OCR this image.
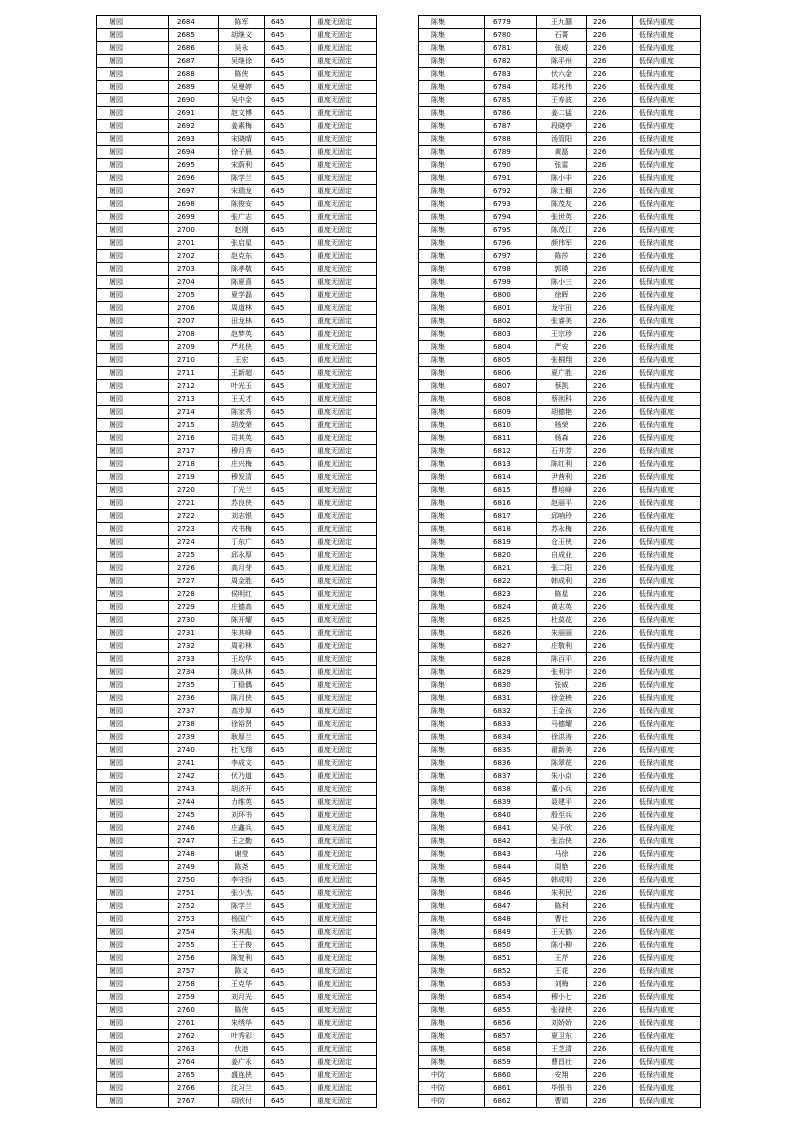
屠园	2684	陈军	645	重度无固定
屠园	2685	胡继义	645	重度无固定
屠园	2686	吴永	645	重度无固定
屠园	2687	吴继徐	645	重度无固定
屠园	2688	陈侠	645	重度无固定
屠园	2689	吴曼婷	645	重度无固定
屠园	2690	吴中金	645	重度无固定
屠园	2691	赵文博	645	重度无固定
屠园	2692	姜素梅	645	重度无固定
屠园	2693	宋晓晴	645	重度无固定
屠园	2694	徐子晨	645	重度无固定
屠园	2695	宋蔚利	645	重度无固定
屠园	2696	陈学兰	645	重度无固定
屠园	2697	宋瑞龙	645	重度无固定
屠园	2698	陈俊安	645	重度无固定
屠园	2699	张广志	645	重度无固定
屠园	2700	赵刚	645	重度无固定
屠园	2701	张启星	645	重度无固定
屠园	2702	赵克东	645	重度无固定
屠园	2703	陈孝敬	645	重度无固定
屠园	2704	陈夏喜	645	重度无固定
屠园	2705	夏学磊	645	重度无固定
屠园	2706	周道林	645	重度无固定
屠园	2707	田龙林	645	重度无固定
屠园	2708	赵梦英	645	重度无固定
屠园	2709	严兆侠	645	重度无固定
屠园	2710	王宏	645	重度无固定
屠园	2711	王新超	645	重度无固定
屠园	2712	叶光玉	645	重度无固定
屠园	2713	王天才	645	重度无固定
屠园	2714	陈家秀	645	重度无固定
屠园	2715	胡茂荣	645	重度无固定
屠园	2716	司其英	645	重度无固定
屠园	2717	穆月秀	645	重度无固定
屠园	2718	庄兴梅	645	重度无固定
屠园	2719	穆发清	645	重度无固定
屠园	2720	丁光兰	645	重度无固定
屠园	2721	苏良侠	645	重度无固定
屠园	2722	刘志银	645	重度无固定
屠园	2723	戎书梅	645	重度无固定
屠园	2724	丁东广	645	重度无固定
屠园	2725	邱永厚	645	重度无固定
屠园	2726	高月芽	645	重度无固定
屠园	2727	周金胜	645	重度无固定
屠园	2728	侯明红	645	重度无固定
屠园	2729	庄德高	645	重度无固定
屠园	2730	陈开耀	645	重度无固定
屠园	2731	朱其峰	645	重度无固定
屠园	2732	周彩林	645	重度无固定
屠园	2733	王均华	645	重度无固定
屠园	2734	陈从林	645	重度无固定
屠园	2735	丁稳偶	645	重度无固定
屠园	2736	陈月侠	645	重度无固定
屠园	2737	高步厚	645	重度无固定
屠园	2738	徐裕贤	645	重度无固定
屠园	2739	耿厚兰	645	重度无固定
屠园	2740	杜飞翔	645	重度无固定
屠园	2741	李成文	645	重度无固定
屠园	2742	伏乃道	645	重度无固定
屠园	2743	胡济开	645	重度无固定
屠园	2744	力维英	645	重度无固定
屠园	2745	刘环书	645	重度无固定
屠园	2746	庄鑫兵	645	重度无固定
屠园	2747	王之勤	645	重度无固定
屠园	2748	谢莹	645	重度无固定
屠园	2749	陈尧	645	重度无固定
屠园	2750	李守纷	645	重度无固定
屠园	2751	张少杰	645	重度无固定
屠园	2752	陈学兰	645	重度无固定
屠园	2753	杨国广	645	重度无固定
屠园	2754	朱其彪	645	重度无固定
屠园	2755	王子俊	645	重度无固定
屠园	2756	陈复利	645	重度无固定
屠园	2757	陈义	645	重度无固定
屠园	2758	王克华	645	重度无固定
屠园	2759	刘月光	645	重度无固定
屠园	2760	陈侠	645	重度无固定
屠园	2761	朱绣华	645	重度无固定
屠园	2762	叶秀彩	645	重度无固定
屠园	2763	伏池	645	重度无固定
屠园	2764	姜广永	645	重度无固定
屠园	2765	盛连侠	645	重度无固定
屠园	2766	沈习兰	645	重度无固定
屠园	2767	胡欣付	645	重度无固定
陈集	6779	王九囍	226	低保内重度
陈集	6780	石菁	226	低保内重度
陈集	6781	张威	226	低保内重度
陈集	6782	陈平州	226	低保内重度
陈集	6783	伏六金	226	低保内重度
陈集	6784	郑兆伟	226	低保内重度
陈集	6785	王寿波	226	低保内重度
陈集	6786	姜二猛	226	低保内重度
陈集	6787	段晓亭	226	低保内重度
陈集	6788	汤管阳	226	低保内重度
陈集	6789	黄磊	226	低保内重度
陈集	6790	张雷	226	低保内重度
陈集	6791	陈小丰	226	低保内重度
陈集	6792	陈士棚	226	低保内重度
陈集	6793	陈茂友	226	低保内重度
陈集	6794	张世英	226	低保内重度
陈集	6795	陈茂江	226	低保内重度
陈集	6796	颜伟军	226	低保内重度
陈集	6797	陈莎	226	低保内重度
陈集	6798	郭瑛	226	低保内重度
陈集	6799	陈小三	226	低保内重度
陈集	6800	徐晖	226	低保内重度
陈集	6801	龙宇田	226	低保内重度
陈集	6802	张睿美	226	低保内重度
陈集	6803	王宗珍	226	低保内重度
陈集	6804	严安	226	低保内重度
陈集	6805	张桐翔	226	低保内重度
陈集	6806	夏广胜	226	低保内重度
陈集	6807	蔡凯	226	低保内重度
陈集	6808	蔡则科	226	低保内重度
陈集	6809	胡德艳	226	低保内重度
陈集	6810	杨荣	226	低保内重度
陈集	6811	杨森	226	低保内重度
陈集	6812	石井芳	226	低保内重度
陈集	6813	陈红利	226	低保内重度
陈集	6814	尹茜利	226	低保内重度
陈集	6815	曹培峰	226	低保内重度
陈集	6816	赵丽平	226	低保内重度
陈集	6817	邱响玲	226	低保内重度
陈集	6818	苏永梅	226	低保内重度
陈集	6819	仓玉侠	226	低保内重度
陈集	6820	自成业	226	低保内重度
陈集	6821	张二阳	226	低保内重度
陈集	6822	韩成利	226	低保内重度
陈集	6823	陈星	226	低保内重度
陈集	6824	黄志英	226	低保内重度
陈集	6825	杜莫花	226	低保内重度
陈集	6826	朱丽丽	226	低保内重度
陈集	6827	庄敬利	226	低保内重度
陈集	6828	陈百平	226	低保内重度
陈集	6829	张利宇	226	低保内重度
陈集	6830	张威	226	低保内重度
陈集	6831	徐金秧	226	低保内重度
陈集	6832	王金孩	226	低保内重度
陈集	6833	马德耀	226	低保内重度
陈集	6834	徐洪涛	226	低保内重度
陈集	6835	翟新美	226	低保内重度
陈集	6836	陈翠花	226	低保内重度
陈集	6837	朱小京	226	低保内重度
陈集	6838	董小兵	226	低保内重度
陈集	6839	聂建平	226	低保内重度
陈集	6840	殷至兵	226	低保内重度
陈集	6841	吴予欣	226	低保内重度
陈集	6842	张治侠	226	低保内重度
陈集	6843	马徐	226	低保内重度
陈集	6844	周艳	226	低保内重度
陈集	6845	韩成明	226	低保内重度
陈集	6846	朱利民	226	低保内重度
陈集	6847	陈利	226	低保内重度
陈集	6848	曹壮	226	低保内重度
陈集	6849	王天鹤	226	低保内重度
陈集	6850	陈小柳	226	低保内重度
陈集	6851	王芹	226	低保内重度
陈集	6852	王花	226	低保内重度
陈集	6853	刘梅	226	低保内重度
陈集	6854	穆小七	226	低保内重度
陈集	6855	张禄侠	226	低保内重度
陈集	6856	刘娇娇	226	低保内重度
陈集	6857	夏卫东	226	低保内重度
陈集	6858	王芝清	226	低保内重度
陈集	6859	曹昌壮	226	低保内重度
中防	6860	安翔	226	低保内重度
中防	6861	毕银书	226	低保内重度
中防	6862	曹娟	226	低保内重度
